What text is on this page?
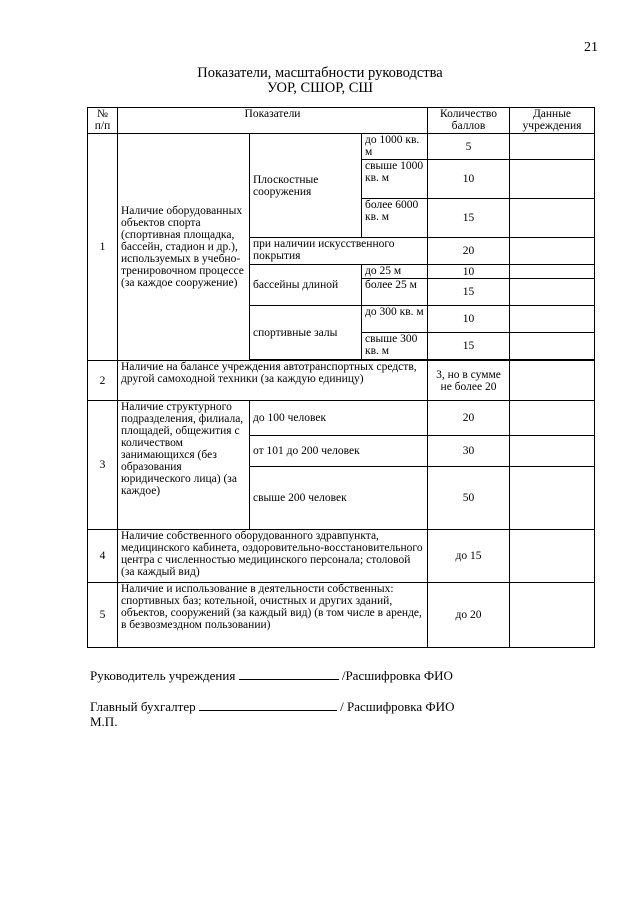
21
Показатели, масштабности руководства
УОР, СШОР, СШ
№ п/п	Показатели			Количество баллов	Данные учреждения
1	Наличие оборудованных объектов спорта (спортивная площадка, бассейн, стадион и др.), используемых в учебно-тренировочном процессе (за каждое сооружение)	Плоскостные сооружения	до 1000 кв. м	5	
			свыше 1000 кв. м	10	
			более 6000 кв. м	15	
		при наличии искусственного покрытия		20	
		бассейны длиной	до 25 м	10	
			более 25 м	15	
		спортивные залы	до 300 кв. м	10	
			свыше 300 кв. м	15	

2	Наличие на балансе учреждения автотранспортных средств, другой самоходной техники (за каждую единицу)			3, но в сумме не более 20	
3	Наличие структурного подразделения, филиала, площадей, общежития с количеством занимающихся (без образования юридического лица) (за каждое)	до 100 человек		20	
		от 101 до 200 человек		30	
		свыше 200 человек		50	
4	Наличие собственного оборудованного здравпункта, медицинского кабинета, оздоровительно-восстановительного центра с численностью медицинского персонала; столовой (за каждый вид)			до 15	
5	Наличие и использование в деятельности собственных: спортивных баз; котельной, очистных и других зданий, объектов, сооружений (за каждый вид) (в том числе в аренде, в безвозмездном пользовании)			до 20	
Руководитель учреждения	/Расшифровка ФИО
Главный бухгалтер	/ Расшифровка ФИО
М.П.
